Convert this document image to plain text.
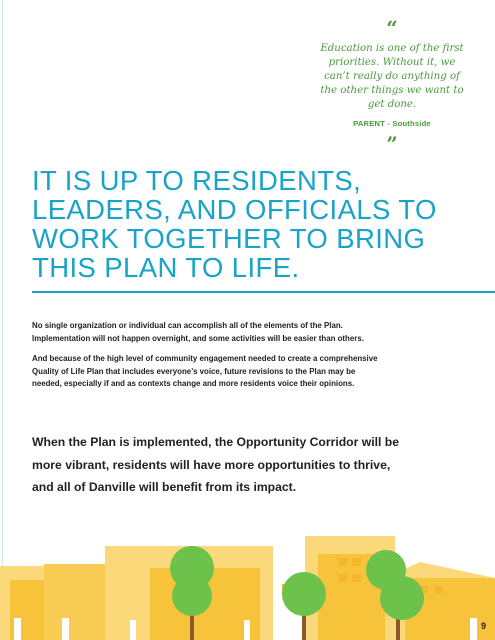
“
Education is one of the first priorities. Without it, we can’t really do anything of the other things we want to get done.
PARENT - Southside
”
IT IS UP TO RESIDENTS, LEADERS, AND OFFICIALS TO WORK TOGETHER TO BRING THIS PLAN TO LIFE.

No single organization or individual can accomplish all of the elements of the Plan. Implementation will not happen overnight, and some activities will be easier than others.

And because of the high level of community engagement needed to create a comprehensive Quality of Life Plan that includes everyone’s voice, future revisions to the Plan may be needed, especially if and as contexts change and more residents voice their opinions.

When the Plan is implemented, the Opportunity Corridor will be more vibrant, residents will have more opportunities to thrive, and all of Danville will benefit from its impact.

9
